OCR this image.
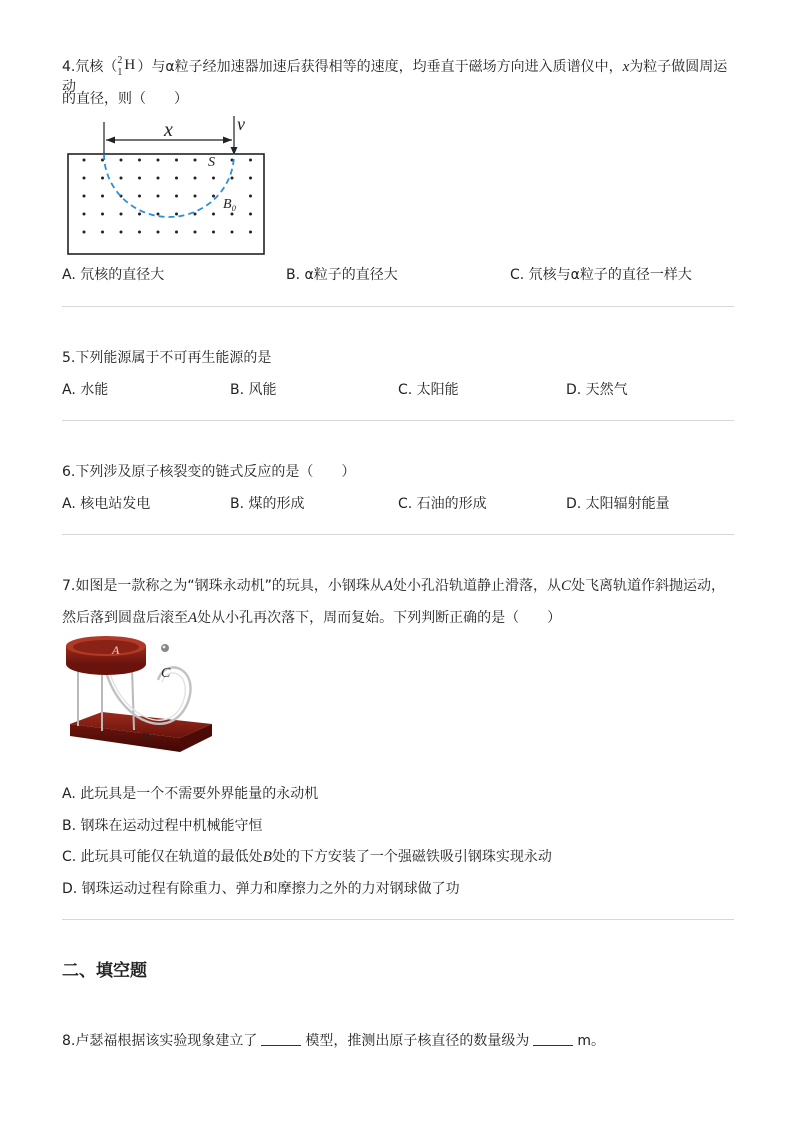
4.氘核（ 2
1 H ）与α粒子经加速器加速后获得相等的速度，均垂直于磁场方向进入质谱仪中，x为粒子做圆周运动
的直径，则（　　）
x	v
S
B₀
A. 氘核的直径大	B. α粒子的直径大	C. 氘核与α粒子的直径一样大
5.下列能源属于不可再生能源的是
A. 水能	B. 风能	C. 太阳能	D. 天然气
6.下列涉及原子核裂变的链式反应的是（　　）
A. 核电站发电	B. 煤的形成	C. 石油的形成	D. 太阳辐射能量
7.如图是一款称之为“钢珠永动机”的玩具，小钢珠从A处小孔沿轨道静止滑落，从C处飞离轨道作斜抛运动，
然后落到圆盘后滚至A处从小孔再次落下，周而复始。下列判断正确的是（　　）
A
C
B
A. 此玩具是一个不需要外界能量的永动机
B. 钢珠在运动过程中机械能守恒
C. 此玩具可能仅在轨道的最低处B处的下方安装了一个强磁铁吸引钢珠实现永动
D. 钢珠运动过程有除重力、弹力和摩擦力之外的力对钢球做了功
二、填空题
8.卢瑟福根据该实验现象建立了	模型，推测出原子核直径的数量级为	m。
